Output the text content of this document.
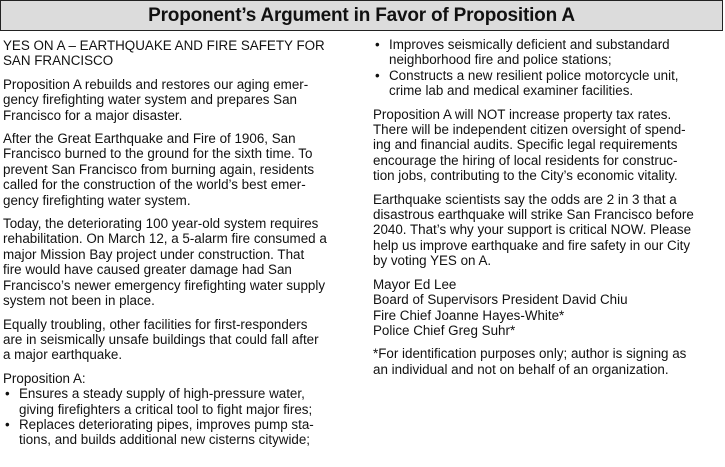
Proponent’s Argument in Favor of Proposition A

YES ON A – EARTHQUAKE AND FIRE SAFETY FOR
SAN FRANCISCO

Proposition A rebuilds and restores our aging emer-
gency firefighting water system and prepares San
Francisco for a major disaster.

After the Great Earthquake and Fire of 1906, San
Francisco burned to the ground for the sixth time. To
prevent San Francisco from burning again, residents
called for the construction of the world’s best emer-
gency firefighting water system.

Today, the deteriorating 100 year-old system requires
rehabilitation. On March 12, a 5-alarm fire consumed a
major Mission Bay project under construction. That
fire would have caused greater damage had San
Francisco’s newer emergency firefighting water supply
system not been in place.

Equally troubling, other facilities for first-responders
are in seismically unsafe buildings that could fall after
a major earthquake.

Proposition A:

• Ensures a steady supply of high-pressure water,
giving firefighters a critical tool to fight major fires;
• Replaces deteriorating pipes, improves pump sta-
tions, and builds additional new cisterns citywide;
• Improves seismically deficient and substandard
neighborhood fire and police stations;
• Constructs a new resilient police motorcycle unit,
crime lab and medical examiner facilities.

Proposition A will NOT increase property tax rates.
There will be independent citizen oversight of spend-
ing and financial audits. Specific legal requirements
encourage the hiring of local residents for construc-
tion jobs, contributing to the City’s economic vitality.

Earthquake scientists say the odds are 2 in 3 that a
disastrous earthquake will strike San Francisco before
2040. That’s why your support is critical NOW. Please
help us improve earthquake and fire safety in our City
by voting YES on A.

Mayor Ed Lee

Board of Supervisors President David Chiu

Fire Chief Joanne Hayes-White*

Police Chief Greg Suhr*

*For identification purposes only; author is signing as
an individual and not on behalf of an organization.
